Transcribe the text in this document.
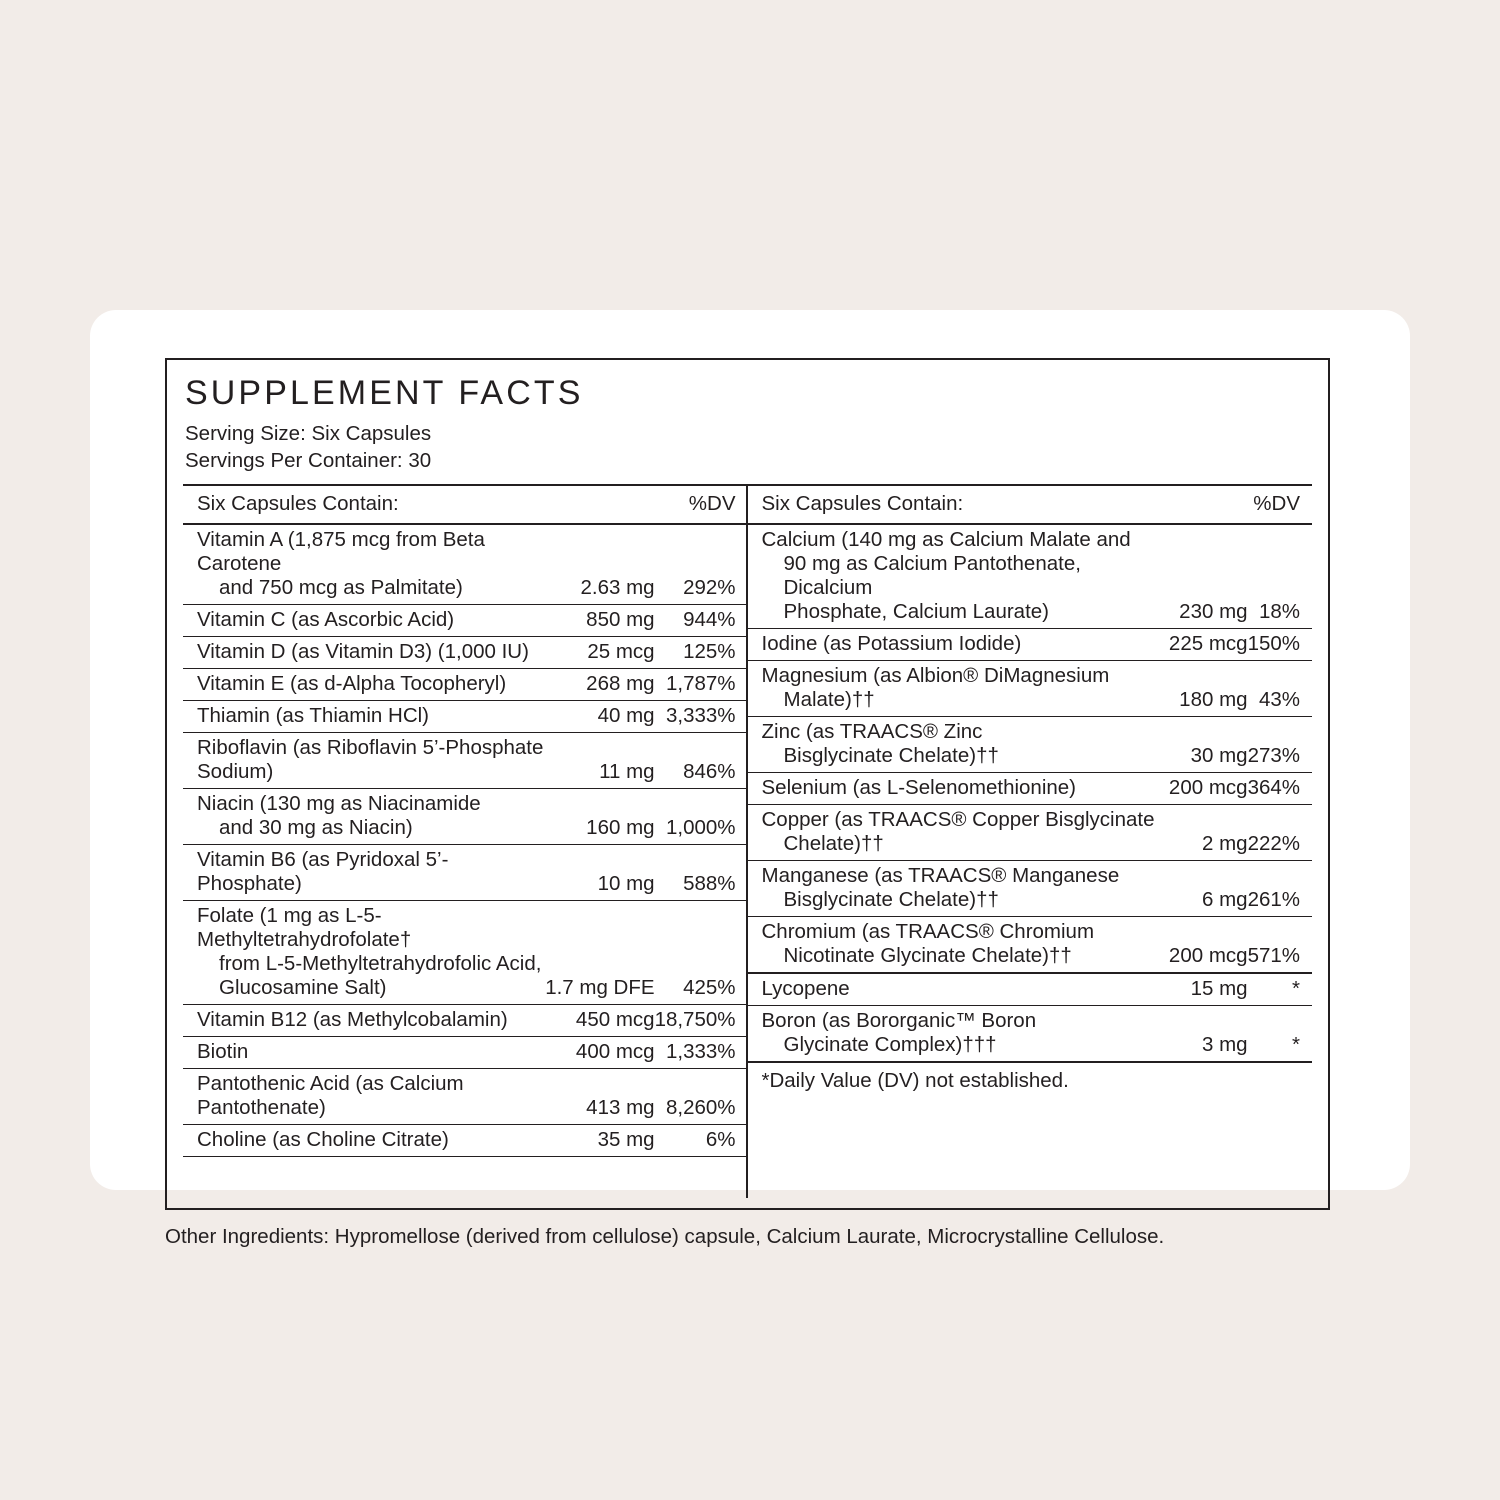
SUPPLEMENT FACTS
Serving Size: Six Capsules
Servings Per Container: 30
Six Capsules Contain:		%DV
Vitamin A (1,875 mcg from Beta Carotene
and 750 mcg as Palmitate)	2.63 mg	292%
Vitamin C (as Ascorbic Acid)	850 mg	944%
Vitamin D (as Vitamin D3) (1,000 IU)	25 mcg	125%
Vitamin E (as d-Alpha Tocopheryl)	268 mg	1,787%
Thiamin (as Thiamin HCl)	40 mg	3,333%
Riboflavin (as Riboflavin 5’-Phosphate Sodium)	11 mg	846%
Niacin (130 mg as Niacinamide
and 30 mg as Niacin)	160 mg	1,000%
Vitamin B6 (as Pyridoxal 5’-Phosphate)	10 mg	588%
Folate (1 mg as L-5-Methyltetrahydrofolate†
from L-5-Methyltetrahydrofolic Acid,
Glucosamine Salt)	1.7 mg DFE	425%
Vitamin B12 (as Methylcobalamin)	450 mcg	18,750%
Biotin	400 mcg	1,333%
Pantothenic Acid (as Calcium Pantothenate)	413 mg	8,260%
Choline (as Choline Citrate)	35 mg	6%

Six Capsules Contain:		%DV
Calcium (140 mg as Calcium Malate and
90 mg as Calcium Pantothenate, Dicalcium
Phosphate, Calcium Laurate)	230 mg	18%
Iodine (as Potassium Iodide)	225 mcg	150%
Magnesium (as Albion® DiMagnesium
Malate)††	180 mg	43%
Zinc (as TRAACS® Zinc
Bisglycinate Chelate)††	30 mg	273%
Selenium (as L-Selenomethionine)	200 mcg	364%
Copper (as TRAACS® Copper Bisglycinate
Chelate)††	2 mg	222%
Manganese (as TRAACS® Manganese
Bisglycinate Chelate)††	6 mg	261%
Chromium (as TRAACS® Chromium
Nicotinate Glycinate Chelate)††	200 mcg	571%
Lycopene	15 mg	*
Boron (as Bororganic™ Boron
Glycinate Complex)†††	3 mg	*
*Daily Value (DV) not established.
Other Ingredients: Hypromellose (derived from cellulose) capsule, Calcium Laurate, Microcrystalline Cellulose.
